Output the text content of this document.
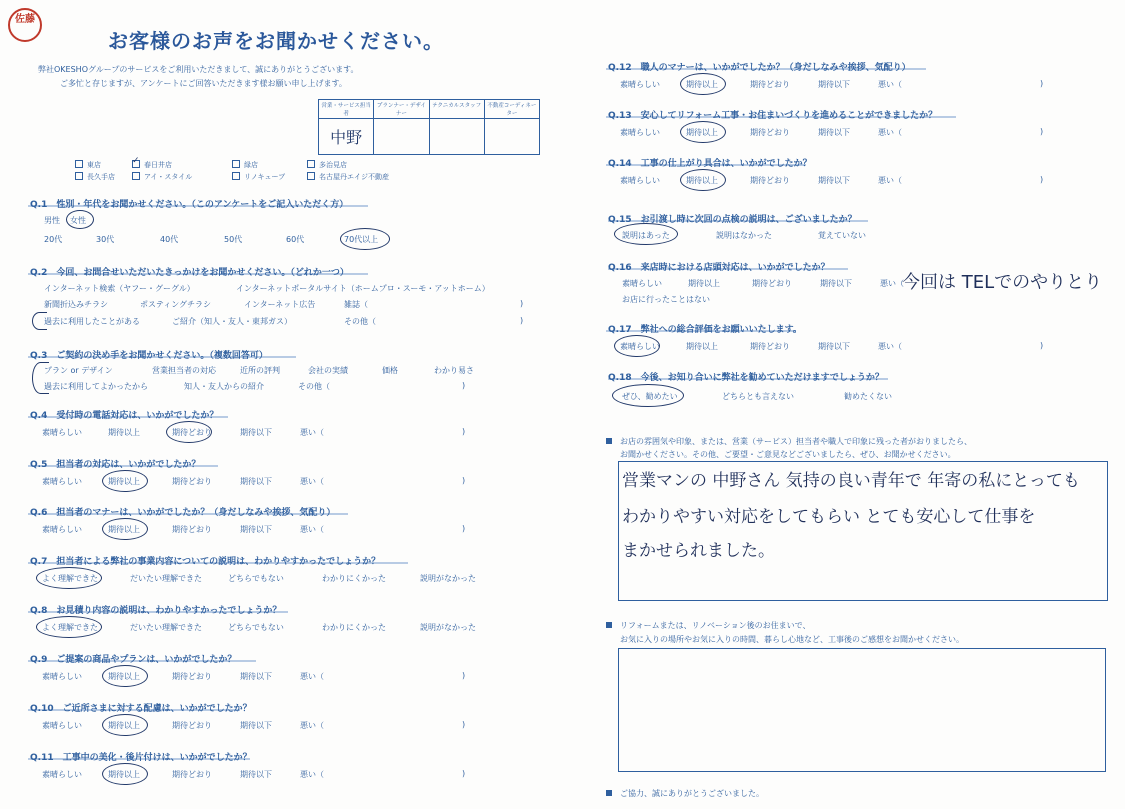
佐藤
お客様のお声をお聞かせください。
弊社OKESHOグループのサービスをご利用いただきまして、誠にありがとうございます。
ご多忙と存じますが、アンケートにご回答いただきます様お願い申し上げます。
営業・サービス担当者	プランナー・デザイナー	テクニカルスタッフ	不動産コーディネーター
中野			
東店	✓ 春日井店	緑店	多治見店
長久手店	アイ・スタイル	リノキューブ	名古屋丹エイジ不動産
Q.1　性別・年代をお聞かせください。（このアンケートをご記入いただく方）
男性 女性
20代	30代	40代	50代	60代	70代以上
Q.2　今回、お問合せいただいたきっかけをお聞かせください。（どれか一つ）
インターネット検索（ヤフー・グーグル）	インターネットポータルサイト（ホームプロ・スーモ・アットホーム）
新聞折込みチラシ	ポスティングチラシ	インターネット広告	雑誌（	)
過去に利用したことがある	ご紹介（知人・友人・東邦ガス）	その他（	)
Q.3　ご契約の決め手をお聞かせください。（複数回答可）
プラン or デザイン	営業担当者の対応	近所の評判	会社の実績	価格	わかり易さ
過去に利用してよかったから	知人・友人からの紹介	その他（	)
Q.4　受付時の電話対応は、いかがでしたか？
素晴らしい	期待以上	期待どおり	期待以下	悪い（	)
Q.5　担当者の対応は、いかがでしたか？
素晴らしい	期待以上	期待どおり	期待以下	悪い（	)
Q.6　担当者のマナーは、いかがでしたか？（身だしなみや挨拶、気配り）
素晴らしい	期待以上	期待どおり	期待以下	悪い（	)
Q.7　担当者による弊社の事業内容についての説明は、わかりやすかったでしょうか？
よく理解できた	だいたい理解できた	どちらでもない	わかりにくかった	説明がなかった
Q.8　お見積り内容の説明は、わかりやすかったでしょうか？
よく理解できた	だいたい理解できた	どちらでもない	わかりにくかった	説明がなかった
Q.9　ご提案の商品やプランは、いかがでしたか？
素晴らしい	期待以上	期待どおり	期待以下	悪い（	)
Q.10　ご近所さまに対する配慮は、いかがでしたか？
素晴らしい	期待以上	期待どおり	期待以下	悪い（	)
Q.11　工事中の美化・後片付けは、いかがでしたか？
素晴らしい	期待以上	期待どおり	期待以下	悪い（	)
Q.12　職人のマナーは、いかがでしたか？（身だしなみや挨拶、気配り）
素晴らしい	期待以上	期待どおり	期待以下	悪い（	)
Q.13　安心してリフォーム工事・お住まいづくりを進めることができましたか？
素晴らしい	期待以上	期待どおり	期待以下	悪い（	)
Q.14　工事の仕上がり具合は、いかがでしたか？
素晴らしい	期待以上	期待どおり	期待以下	悪い（	)
Q.17　弊社への総合評価をお願いいたします。
素晴らしい	期待以上	期待どおり	期待以下	悪い（	)
Q.15　お引渡し時に次回の点検の説明は、ございましたか？
説明はあった	説明はなかった	覚えていない
Q.16　来店時における店頭対応は、いかがでしたか？
素晴らしい	期待以上	期待どおり	期待以下	悪い（
お店に行ったことはない
今回は TELでのやりとり
Q.18　今後、お知り合いに弊社を勧めていただけますでしょうか？
ぜひ、勧めたい	どちらとも言えない	勧めたくない
お店の雰囲気や印象、または、営業（サービス）担当者や職人で印象に残った者がおりましたら、
お聞かせください。その他、ご要望・ご意見などございましたら、ぜひ、お聞かせください。
営業マンの 中野さん 気持の良い青年で 年寄の私にとっても
わかりやすい対応をしてもらい とても安心して仕事を
まかせられました。
リフォームまたは、リノベーション後のお住まいで、
お気に入りの場所やお気に入りの時間、暮らし心地など、工事後のご感想をお聞かせください。
ご協力、誠にありがとうございました。
